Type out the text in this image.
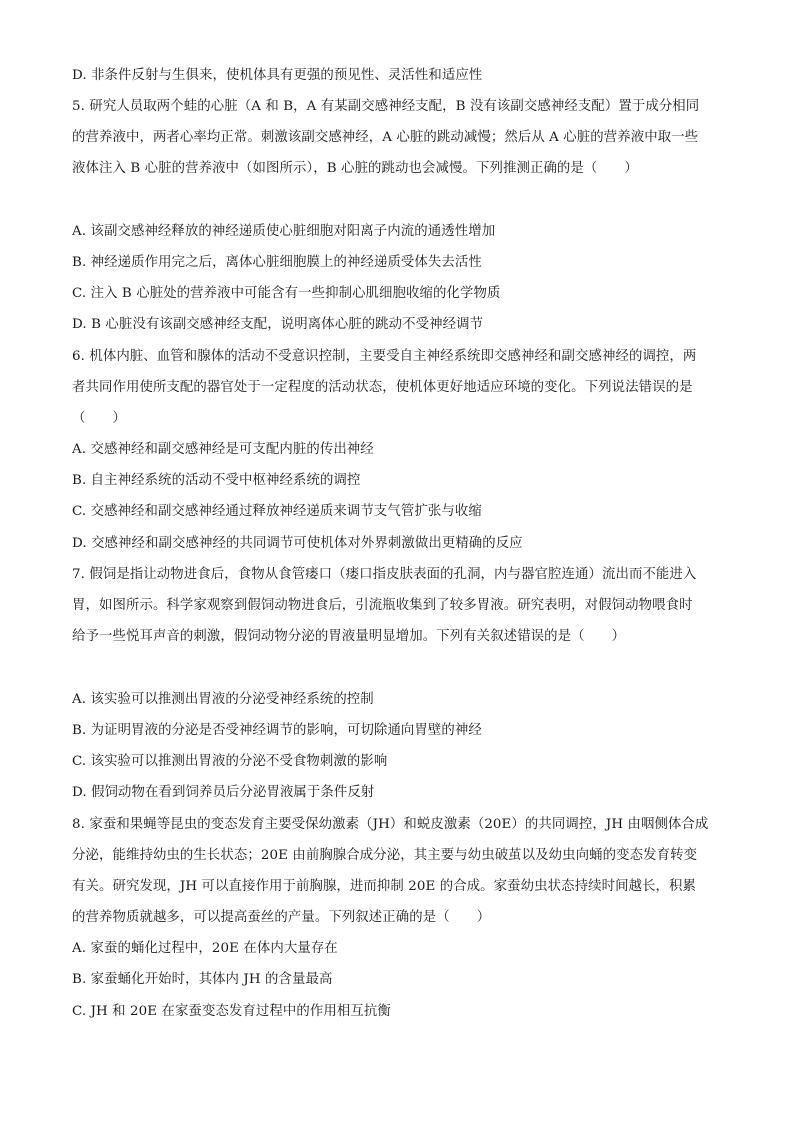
D. 非条件反射与生俱来，使机体具有更强的预见性、灵活性和适应性
5. 研究人员取两个蛙的心脏（A 和 B，A 有某副交感神经支配，B 没有该副交感神经支配）置于成分相同
的营养液中，两者心率均正常。刺激该副交感神经，A 心脏的跳动减慢；然后从 A 心脏的营养液中取一些
液体注入 B 心脏的营养液中（如图所示），B 心脏的跳动也会减慢。下列推测正确的是（　　）
A. 该副交感神经释放的神经递质使心脏细胞对阳离子内流的通透性增加
B. 神经递质作用完之后，离体心脏细胞膜上的神经递质受体失去活性
C. 注入 B 心脏处的营养液中可能含有一些抑制心肌细胞收缩的化学物质
D. B 心脏没有该副交感神经支配，说明离体心脏的跳动不受神经调节
6. 机体内脏、血管和腺体的活动不受意识控制，主要受自主神经系统即交感神经和副交感神经的调控，两
者共同作用使所支配的器官处于一定程度的活动状态，使机体更好地适应环境的变化。下列说法错误的是
（　　）
A. 交感神经和副交感神经是可支配内脏的传出神经
B. 自主神经系统的活动不受中枢神经系统的调控
C. 交感神经和副交感神经通过释放神经递质来调节支气管扩张与收缩
D. 交感神经和副交感神经的共同调节可使机体对外界刺激做出更精确的反应
7. 假饲是指让动物进食后，食物从食管瘘口（瘘口指皮肤表面的孔洞，内与器官腔连通）流出而不能进入
胃，如图所示。科学家观察到假饲动物进食后，引流瓶收集到了较多胃液。研究表明，对假饲动物喂食时
给予一些悦耳声音的刺激，假饲动物分泌的胃液量明显增加。下列有关叙述错误的是（　　）
A. 该实验可以推测出胃液的分泌受神经系统的控制
B. 为证明胃液的分泌是否受神经调节的影响，可切除通向胃壁的神经
C. 该实验可以推测出胃液的分泌不受食物刺激的影响
D. 假饲动物在看到饲养员后分泌胃液属于条件反射
8. 家蚕和果蝇等昆虫的变态发育主要受保幼激素（JH）和蜕皮激素（20E）的共同调控，JH 由咽侧体合成
分泌，能维持幼虫的生长状态；20E 由前胸腺合成分泌，其主要与幼虫破茧以及幼虫向蛹的变态发育转变
有关。研究发现，JH 可以直接作用于前胸腺，进而抑制 20E 的合成。家蚕幼虫状态持续时间越长，积累
的营养物质就越多，可以提高蚕丝的产量。下列叙述正确的是（　　）
A. 家蚕的蛹化过程中，20E 在体内大量存在
B. 家蚕蛹化开始时，其体内 JH 的含量最高
C. JH 和 20E 在家蚕变态发育过程中的作用相互抗衡
